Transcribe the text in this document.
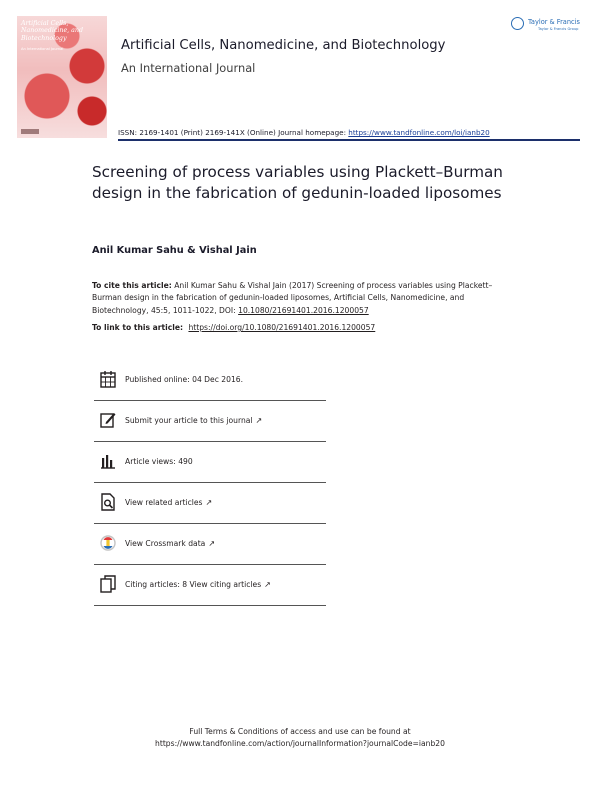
Artificial Cells, Nanomedicine, and Biotechnology
An International Journal	Artificial Cells, Nanomedicine, and Biotechnology
An International Journal
Taylor & Francis
Taylor & Francis Group
ISSN: 2169-1401 (Print) 2169-141X (Online) Journal homepage: https://www.tandfonline.com/loi/ianb20
Screening of process variables using Plackett–Burman design in the fabrication of gedunin-loaded liposomes
Anil Kumar Sahu & Vishal Jain
To cite this article: Anil Kumar Sahu & Vishal Jain (2017) Screening of process variables using Plackett–Burman design in the fabrication of gedunin-loaded liposomes, Artificial Cells, Nanomedicine, and Biotechnology, 45:5, 1011-1022, DOI: 10.1080/21691401.2016.1200057
To link to this article: https://doi.org/10.1080/21691401.2016.1200057
Published online: 04 Dec 2016.
Submit your article to this journal ↗
Article views: 490
View related articles ↗
View Crossmark data ↗
Citing articles: 8 View citing articles ↗
Full Terms & Conditions of access and use can be found at
https://www.tandfonline.com/action/journalInformation?journalCode=ianb20
